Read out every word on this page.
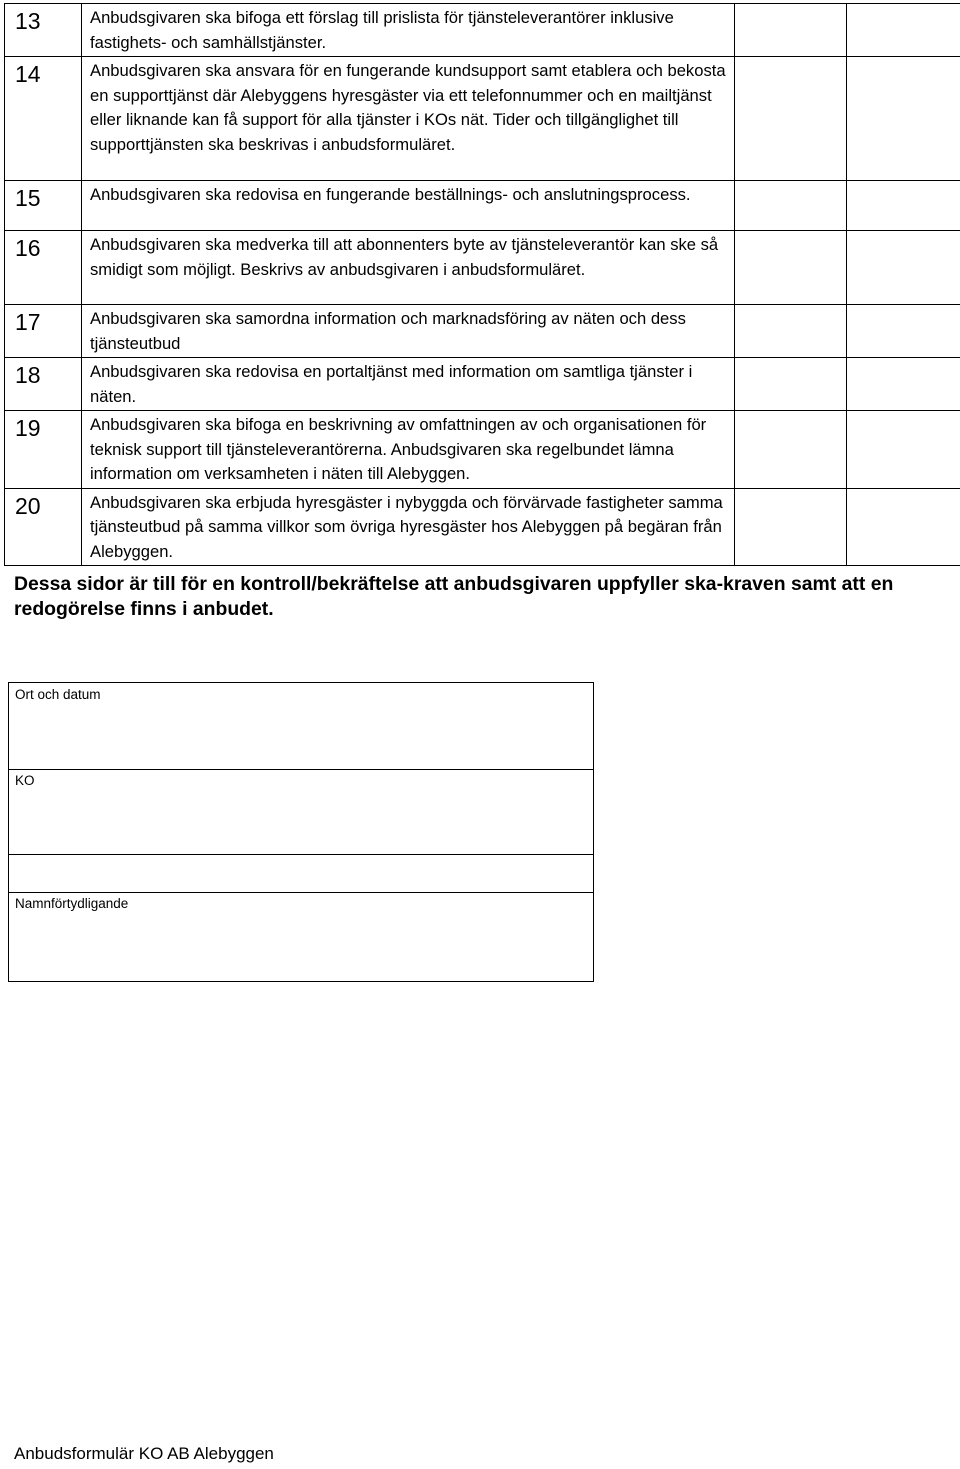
13	Anbudsgivaren ska bifoga ett förslag till prislista för tjänsteleverantörer inklusive fastighets- och samhällstjänster.		
14	Anbudsgivaren ska ansvara för en fungerande kundsupport samt etablera och bekosta en supporttjänst där Alebyggens hyresgäster via ett telefonnummer och en mailtjänst eller liknande kan få support för alla tjänster i KOs nät. Tider och tillgänglighet till supporttjänsten ska beskrivas i anbudsformuläret.		
15	Anbudsgivaren ska redovisa en fungerande beställnings- och anslutningsprocess.		
16	Anbudsgivaren ska medverka till att abonnenters byte av tjänsteleverantör kan ske så smidigt som möjligt. Beskrivs av anbudsgivaren i anbudsformuläret.		
17	Anbudsgivaren ska samordna information och marknadsföring av näten och dess tjänsteutbud		
18	Anbudsgivaren ska redovisa en portaltjänst med information om samtliga tjänster i näten.		
19	Anbudsgivaren ska bifoga en beskrivning av omfattningen av och organisationen för teknisk support till tjänsteleverantörerna. Anbudsgivaren ska regelbundet lämna information om verksamheten i näten till Alebyggen.		
20	Anbudsgivaren ska erbjuda hyresgäster i nybyggda och förvärvade fastigheter samma tjänsteutbud på samma villkor som övriga hyresgäster hos Alebyggen på begäran från Alebyggen.		
Dessa sidor är till för en kontroll/bekräftelse att anbudsgivaren uppfyller ska-kraven samt att en redogörelse finns i anbudet.
Ort och datum
KO
Namnförtydligande
Anbudsformulär KO AB Alebyggen
